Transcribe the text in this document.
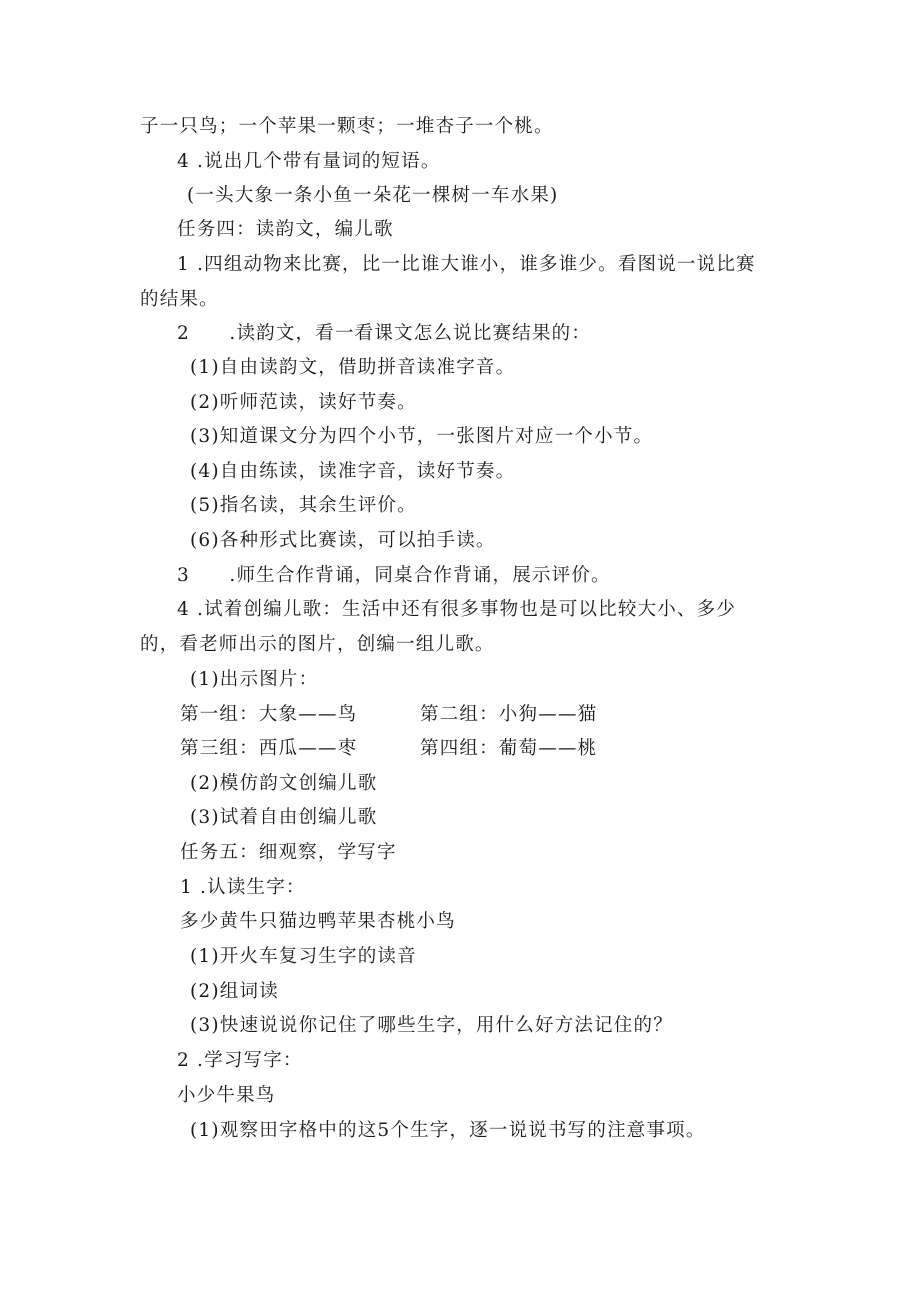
子一只鸟；一个苹果一颗枣；一堆杏子一个桃。
4 .说出几个带有量词的短语。
(一头大象一条小鱼一朵花一棵树一车水果)
任务四：读韵文，编儿歌
1 .四组动物来比赛，比一比谁大谁小，谁多谁少。看图说一说比赛
的结果。
2　　.读韵文，看一看课文怎么说比赛结果的：
(1)自由读韵文，借助拼音读准字音。
(2)听师范读，读好节奏。
(3)知道课文分为四个小节，一张图片对应一个小节。
(4)自由练读，读准字音，读好节奏。
(5)指名读，其余生评价。
(6)各种形式比赛读，可以拍手读。
3　　.师生合作背诵，同桌合作背诵，展示评价。
4 .试着创编儿歌：生活中还有很多事物也是可以比较大小、多少
的，看老师出示的图片，创编一组儿歌。
(1)出示图片：
第一组：大象——鸟	第二组：小狗——猫
第三组：西瓜——枣	第四组：葡萄——桃
(2)模仿韵文创编儿歌
(3)试着自由创编儿歌
任务五：细观察，学写字
1 .认读生字：
多少黄牛只猫边鸭苹果杏桃小鸟
(1)开火车复习生字的读音
(2)组词读
(3)快速说说你记住了哪些生字，用什么好方法记住的？
2 .学习写字：
小少牛果鸟
(1)观察田字格中的这5个生字，逐一说说书写的注意事项。
